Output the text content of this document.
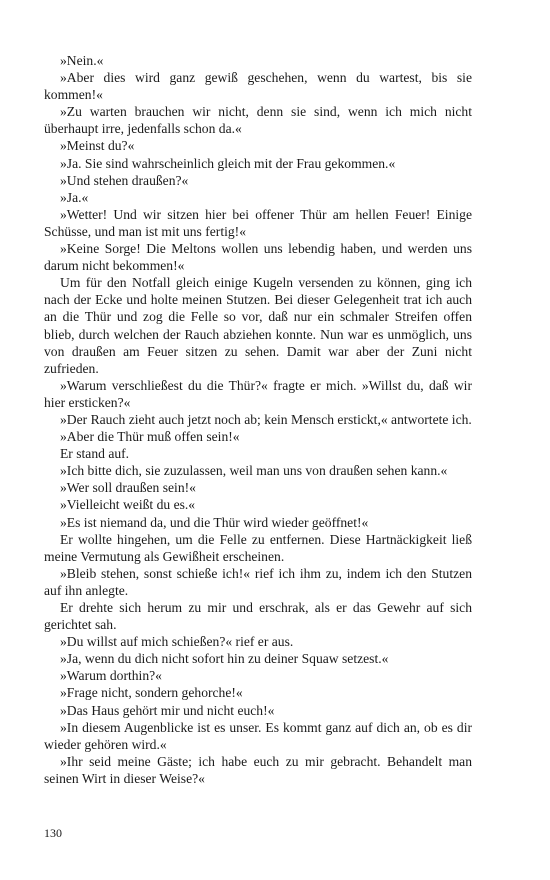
»Nein.«

»Aber dies wird ganz gewiß geschehen, wenn du wartest, bis sie kommen!«

»Zu warten brauchen wir nicht, denn sie sind, wenn ich mich nicht überhaupt irre, jedenfalls schon da.«

»Meinst du?«

»Ja. Sie sind wahrscheinlich gleich mit der Frau gekommen.«

»Und stehen draußen?«

»Ja.«

»Wetter! Und wir sitzen hier bei offener Thür am hellen Feuer! Einige Schüsse, und man ist mit uns fertig!«

»Keine Sorge! Die Meltons wollen uns lebendig haben, und werden uns darum nicht bekommen!«

Um für den Notfall gleich einige Kugeln versenden zu können, ging ich nach der Ecke und holte meinen Stutzen. Bei dieser Gelegenheit trat ich auch an die Thür und zog die Felle so vor, daß nur ein schmaler Streifen offen blieb, durch welchen der Rauch abziehen konnte. Nun war es unmöglich, uns von draußen am Feuer sitzen zu sehen. Damit war aber der Zuni nicht zufrieden.

»Warum verschließest du die Thür?« fragte er mich. »Willst du, daß wir hier ersticken?«

»Der Rauch zieht auch jetzt noch ab; kein Mensch erstickt,« antwortete ich.

»Aber die Thür muß offen sein!«

Er stand auf.

»Ich bitte dich, sie zuzulassen, weil man uns von draußen sehen kann.«

»Wer soll draußen sein!«

»Vielleicht weißt du es.«

»Es ist niemand da, und die Thür wird wieder geöffnet!«

Er wollte hingehen, um die Felle zu entfernen. Diese Hartnäckigkeit ließ meine Vermutung als Gewißheit erscheinen.

»Bleib stehen, sonst schieße ich!« rief ich ihm zu, indem ich den Stutzen auf ihn anlegte.

Er drehte sich herum zu mir und erschrak, als er das Gewehr auf sich gerichtet sah.

»Du willst auf mich schießen?« rief er aus.

»Ja, wenn du dich nicht sofort hin zu deiner Squaw setzest.«

»Warum dorthin?«

»Frage nicht, sondern gehorche!«

»Das Haus gehört mir und nicht euch!«

»In diesem Augenblicke ist es unser. Es kommt ganz auf dich an, ob es dir wieder gehören wird.«

»Ihr seid meine Gäste; ich habe euch zu mir gebracht. Behandelt man seinen Wirt in dieser Weise?«

130
